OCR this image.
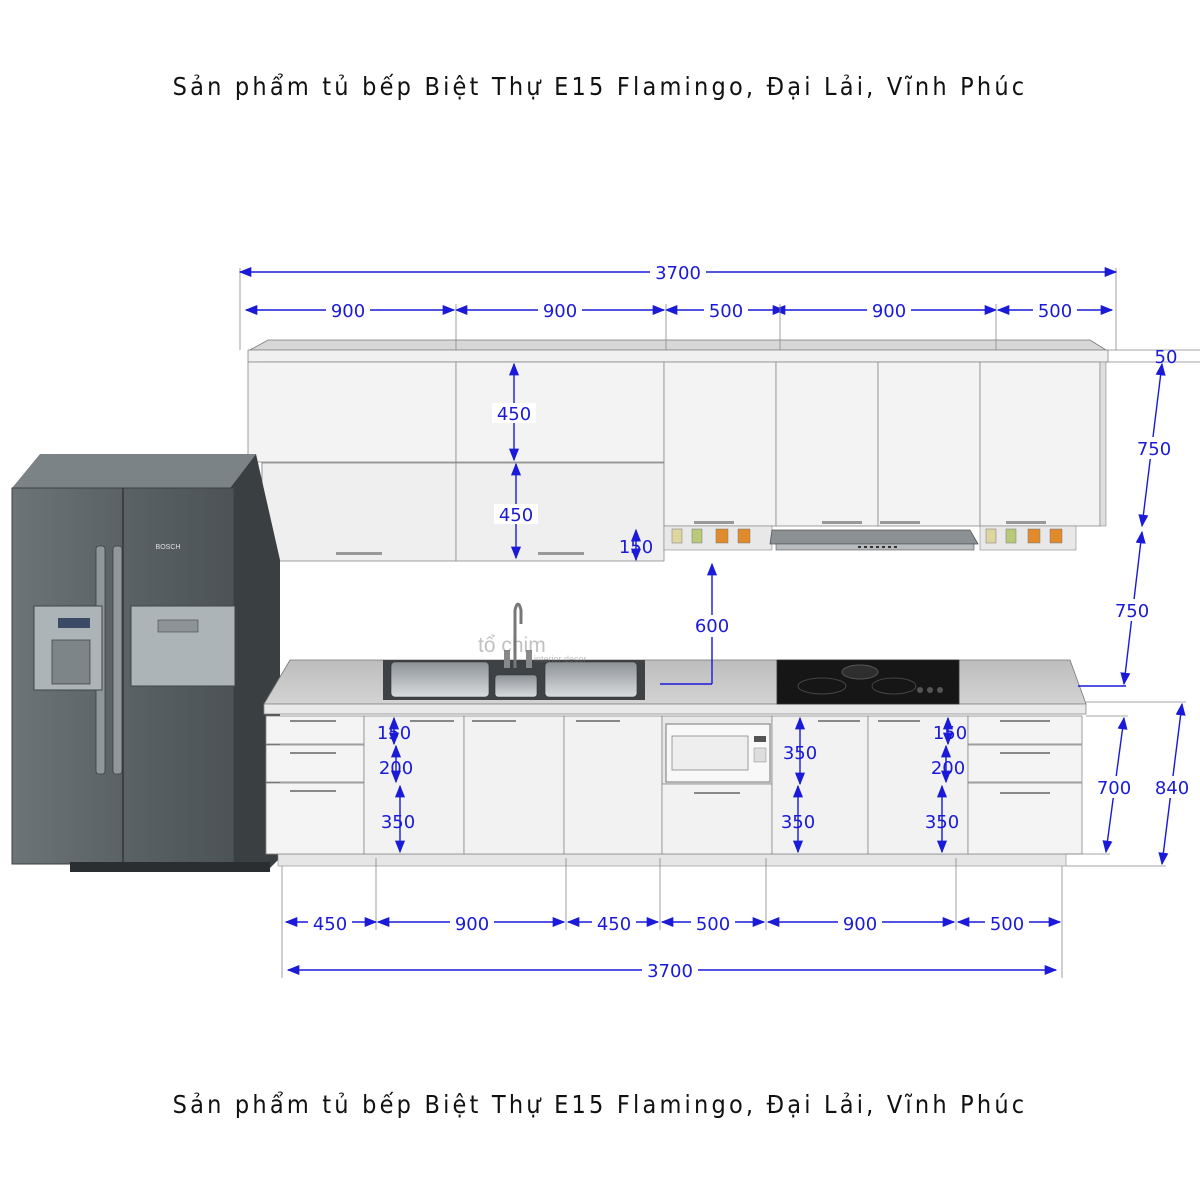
Sản phẩm tủ bếp Biệt Thự E15 Flamingo, Đại Lải, Vĩnh Phúc
BOSCH
tổ chim
interior decor
3700
900	900	500	900	500
50
750
450
450
150
600
750
700 840
150
200
350
350
350
150
200
350
450	900	450	500	900	500
3700
Sản phẩm tủ bếp Biệt Thự E15 Flamingo, Đại Lải, Vĩnh Phúc
